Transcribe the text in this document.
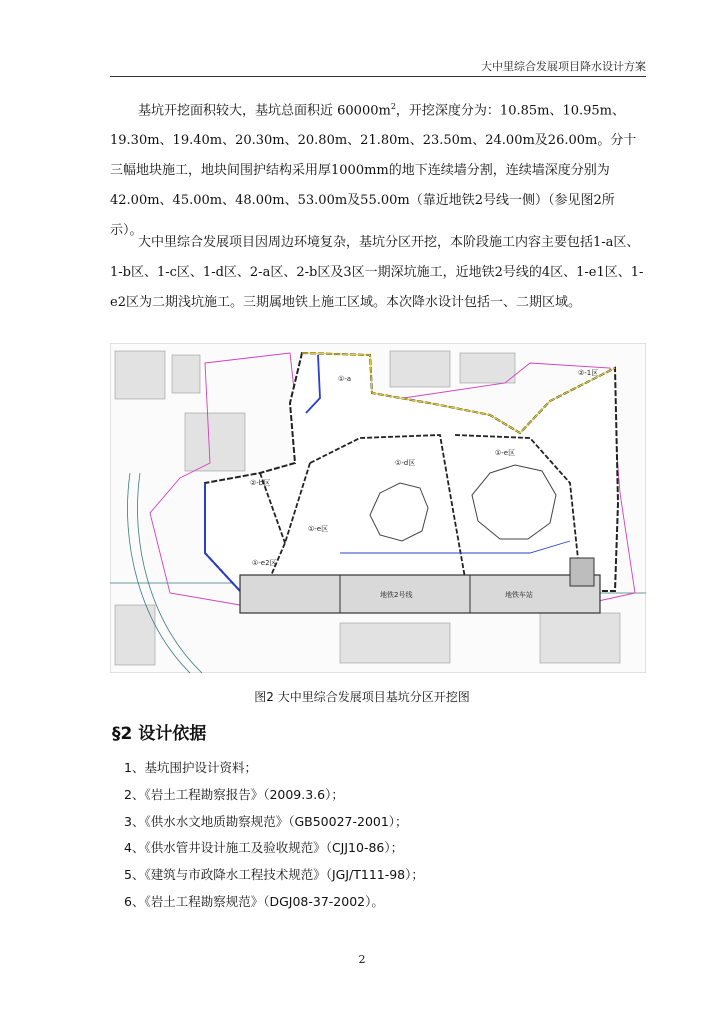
大中里综合发展项目降水设计方案

基坑开挖面积较大，基坑总面积近 $60000m^2$，开挖深度分为：10.85m、10.95m、19.30m、19.40m、20.30m、20.80m、21.80m、23.50m、24.00m及26.00m。分十三幅地块施工，地块间围护结构采用厚1000mm的地下连续墙分割，连续墙深度分别为42.00m、45.00m、48.00m、53.00m及55.00m（靠近地铁2号线一侧）（参见图2所示）。

大中里综合发展项目因周边环境复杂，基坑分区开挖，本阶段施工内容主要包括1-a区、1-b区、1-c区、1-d区、2-a区、2-b区及3区一期深坑施工，近地铁2号线的4区、1-e1区、1-e2区为二期浅坑施工。三期属地铁上施工区域。本次降水设计包括一、二期区域。

①-a
②-1区
①-d区
①-e区
②-b区
①-e区
①-e2区
地铁2号线	地铁车站
图2 大中里综合发展项目基坑分区开挖图
§2 设计依据
1、基坑围护设计资料；
2、《岩土工程勘察报告》（2009.3.6）；
3、《供水水文地质勘察规范》（GB50027-2001）；
4、《供水管井设计施工及验收规范》（CJJ10-86）；
5、《建筑与市政降水工程技术规范》（JGJ/T111-98）；
6、《岩土工程勘察规范》（DGJ08-37-2002）。
2
